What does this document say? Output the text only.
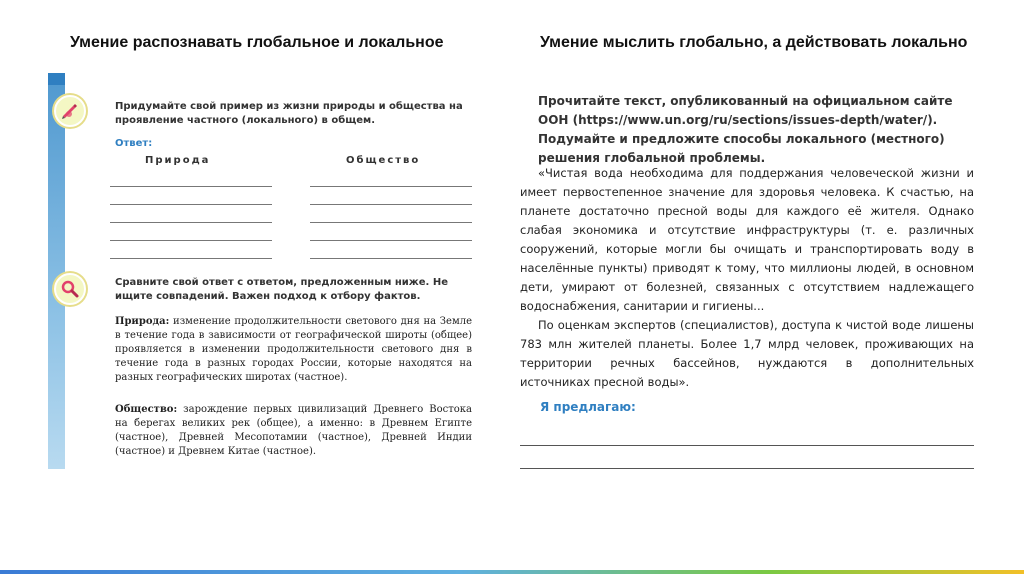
Умение распознавать глобальное и локальное	Умение мыслить глобально, а действовать локально
Придумайте свой пример из жизни природы и общества на проявление частного (локального) в общем.
Ответ:
Природа	Общество
Сравните свой ответ с ответом, предложенным ниже. Не ищите совпадений. Важен подход к отбору фактов.
Природа: изменение продолжительности светового дня на Земле в течение года в зависимости от географической широты (общее) проявляется в изменении продолжительности светового дня в течение года в разных городах России, которые находятся на разных географических широтах (частное).
Общество: зарождение первых цивилизаций Древнего Востока на берегах великих рек (общее), а именно: в Древнем Египте (частное), Древней Месопотамии (частное), Древней Индии (частное) и Древнем Китае (частное).
Прочитайте текст, опубликованный на официальном сайте ООН (https://www.un.org/ru/sections/issues-depth/water/). Подумайте и предложите способы локального (местного) решения глобальной проблемы.

«Чистая вода необходима для поддержания человеческой жизни и имеет первостепенное значение для здоровья человека. К счастью, на планете достаточно пресной воды для каждого её жителя. Однако слабая экономика и отсутствие инфраструктуры (т. е. различных сооружений, которые могли бы очищать и транспортировать воду в населённые пункты) приводят к тому, что миллионы людей, в основном дети, умирают от болезней, связанных с отсутствием надлежащего водоснабжения, санитарии и гигиены...

По оценкам экспертов (специалистов), доступа к чистой воде лишены 783 млн жителей планеты. Более 1,7 млрд человек, проживающих на территории речных бассейнов, нуждаются в дополнительных источниках пресной воды».

Я предлагаю:
